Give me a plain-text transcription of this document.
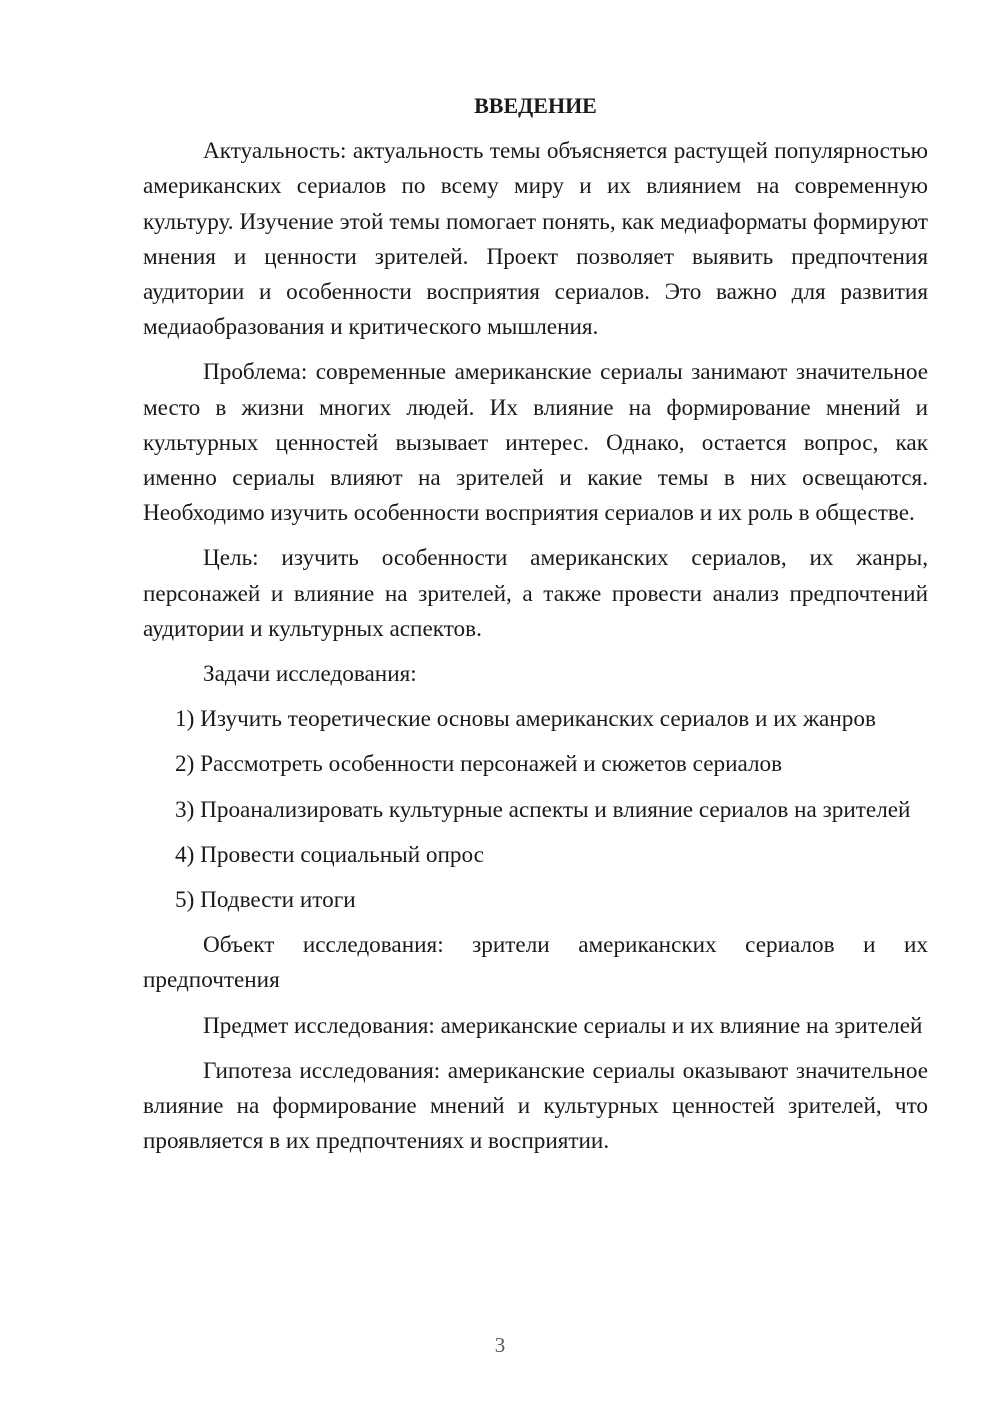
ВВЕДЕНИЕ

Актуальность: актуальность темы объясняется растущей популярностью американских сериалов по всему миру и их влиянием на современную культуру. Изучение этой темы помогает понять, как медиаформаты формируют мнения и ценности зрителей. Проект позволяет выявить предпочтения аудитории и особенности восприятия сериалов. Это важно для развития медиаобразования и критического мышления.

Проблема: современные американские сериалы занимают значительное место в жизни многих людей. Их влияние на формирование мнений и культурных ценностей вызывает интерес. Однако, остается вопрос, как именно сериалы влияют на зрителей и какие темы в них освещаются. Необходимо изучить особенности восприятия сериалов и их роль в обществе.

Цель: изучить особенности американских сериалов, их жанры, персонажей и влияние на зрителей, а также провести анализ предпочтений аудитории и культурных аспектов.

Задачи исследования:

1) Изучить теоретические основы американских сериалов и их жанров

2) Рассмотреть особенности персонажей и сюжетов сериалов

3) Проанализировать культурные аспекты и влияние сериалов на зрителей

4) Провести социальный опрос

5) Подвести итоги

Объект исследования: зрители американских сериалов и их предпочтения

Предмет исследования: американские сериалы и их влияние на зрителей

Гипотеза исследования: американские сериалы оказывают значительное влияние на формирование мнений и культурных ценностей зрителей, что проявляется в их предпочтениях и восприятии.

3
